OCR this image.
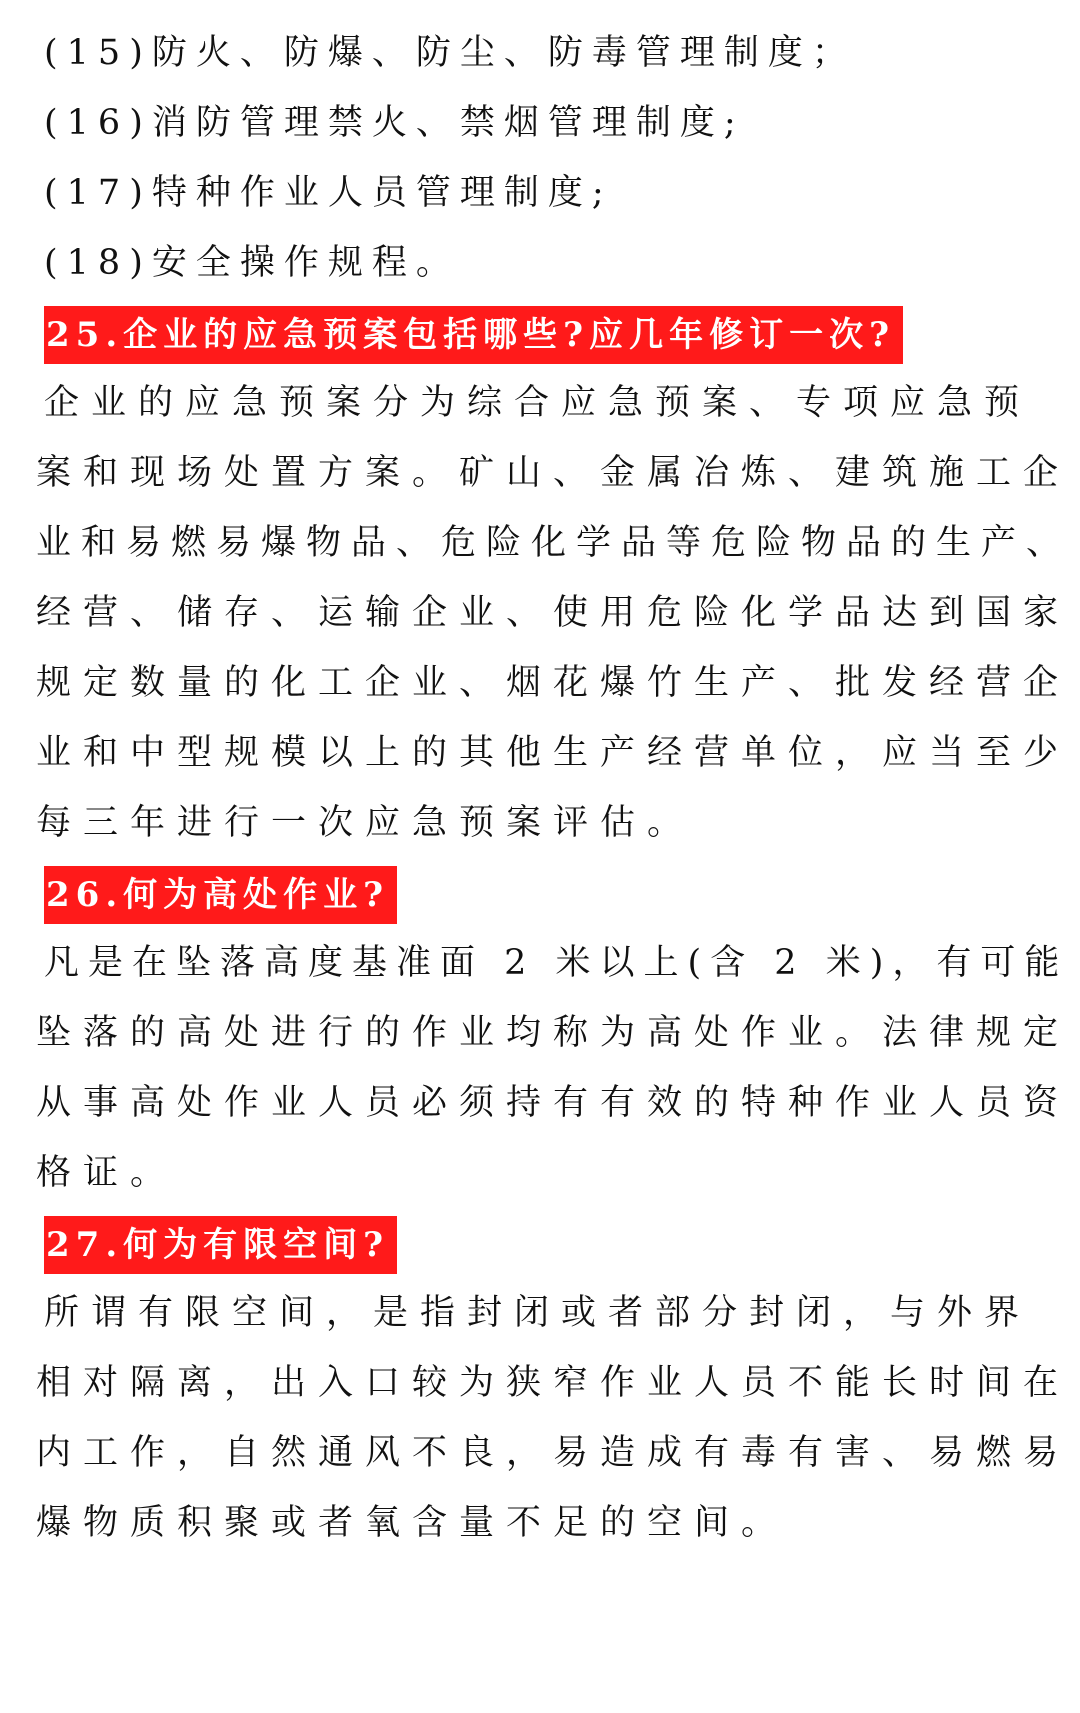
(15)防火、防爆、防尘、防毒管理制度；
(16)消防管理禁火、禁烟管理制度;
(17)特种作业人员管理制度;
(18)安全操作规程。
25.企业的应急预案包括哪些?应几年修订一次?
企业的应急预案分为综合应急预案、专项应急预
案和现场处置方案。矿山、金属冶炼、建筑施工企
业和易燃易爆物品、危险化学品等危险物品的生产、
经营、储存、运输企业、使用危险化学品达到国家
规定数量的化工企业、烟花爆竹生产、批发经营企
业和中型规模以上的其他生产经营单位，应当至少
每三年进行一次应急预案评估。
26.何为高处作业?
凡是在坠落高度基准面 2 米以上(含 2 米)，有可能
坠落的高处进行的作业均称为高处作业。法律规定
从事高处作业人员必须持有有效的特种作业人员资
格证。
27.何为有限空间?
所谓有限空间，是指封闭或者部分封闭，与外界
相对隔离，出入口较为狭窄作业人员不能长时间在
内工作，自然通风不良，易造成有毒有害、易燃易
爆物质积聚或者氧含量不足的空间。
